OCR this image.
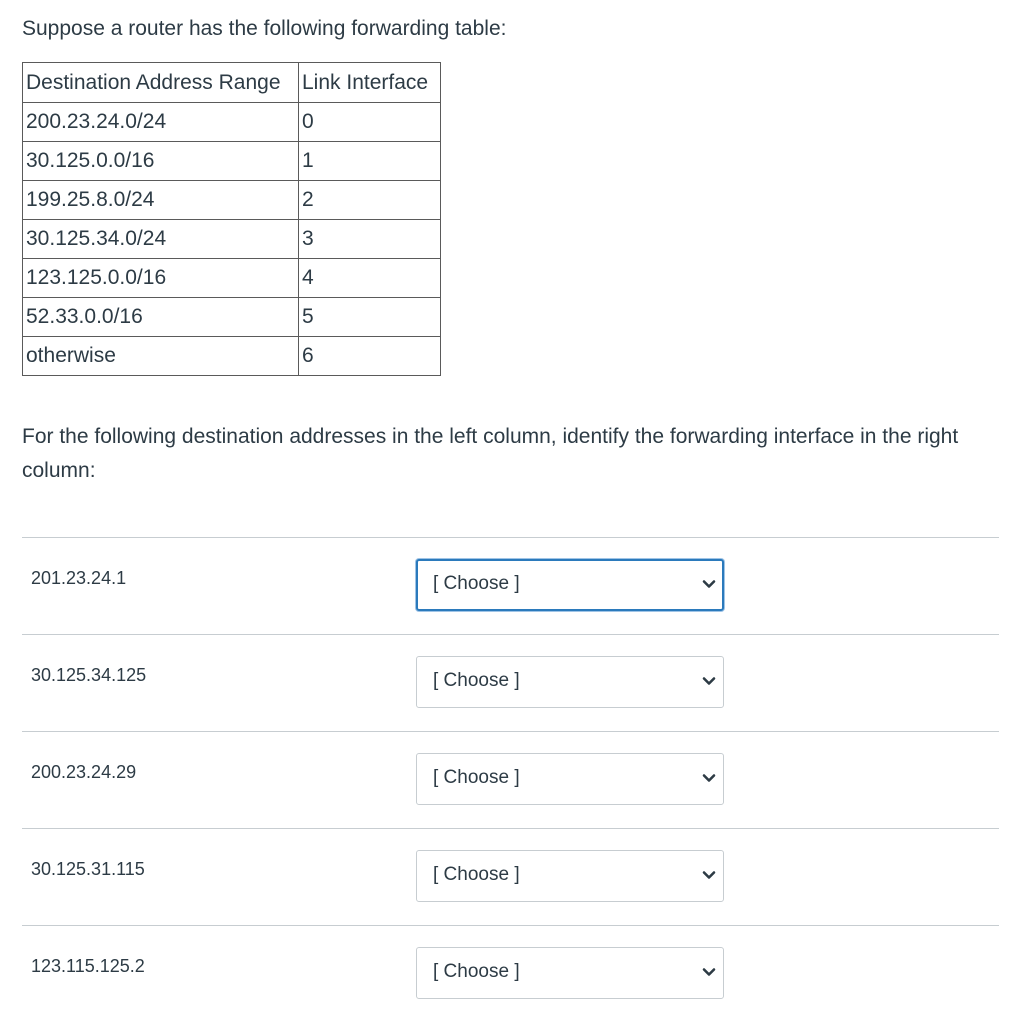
Suppose a router has the following forwarding table:

Destination Address Range	Link Interface
200.23.24.0/24	0
30.125.0.0/16	1
199.25.8.0/24	2
30.125.34.0/24	3
123.125.0.0/16	4
52.33.0.0/16	5
otherwise	6

For the following destination addresses in the left column, identify the forwarding interface in the right column:

201.23.24.1	[ Choose ]
30.125.34.125	[ Choose ]
200.23.24.29	[ Choose ]
30.125.31.115	[ Choose ]
123.115.125.2	[ Choose ]
